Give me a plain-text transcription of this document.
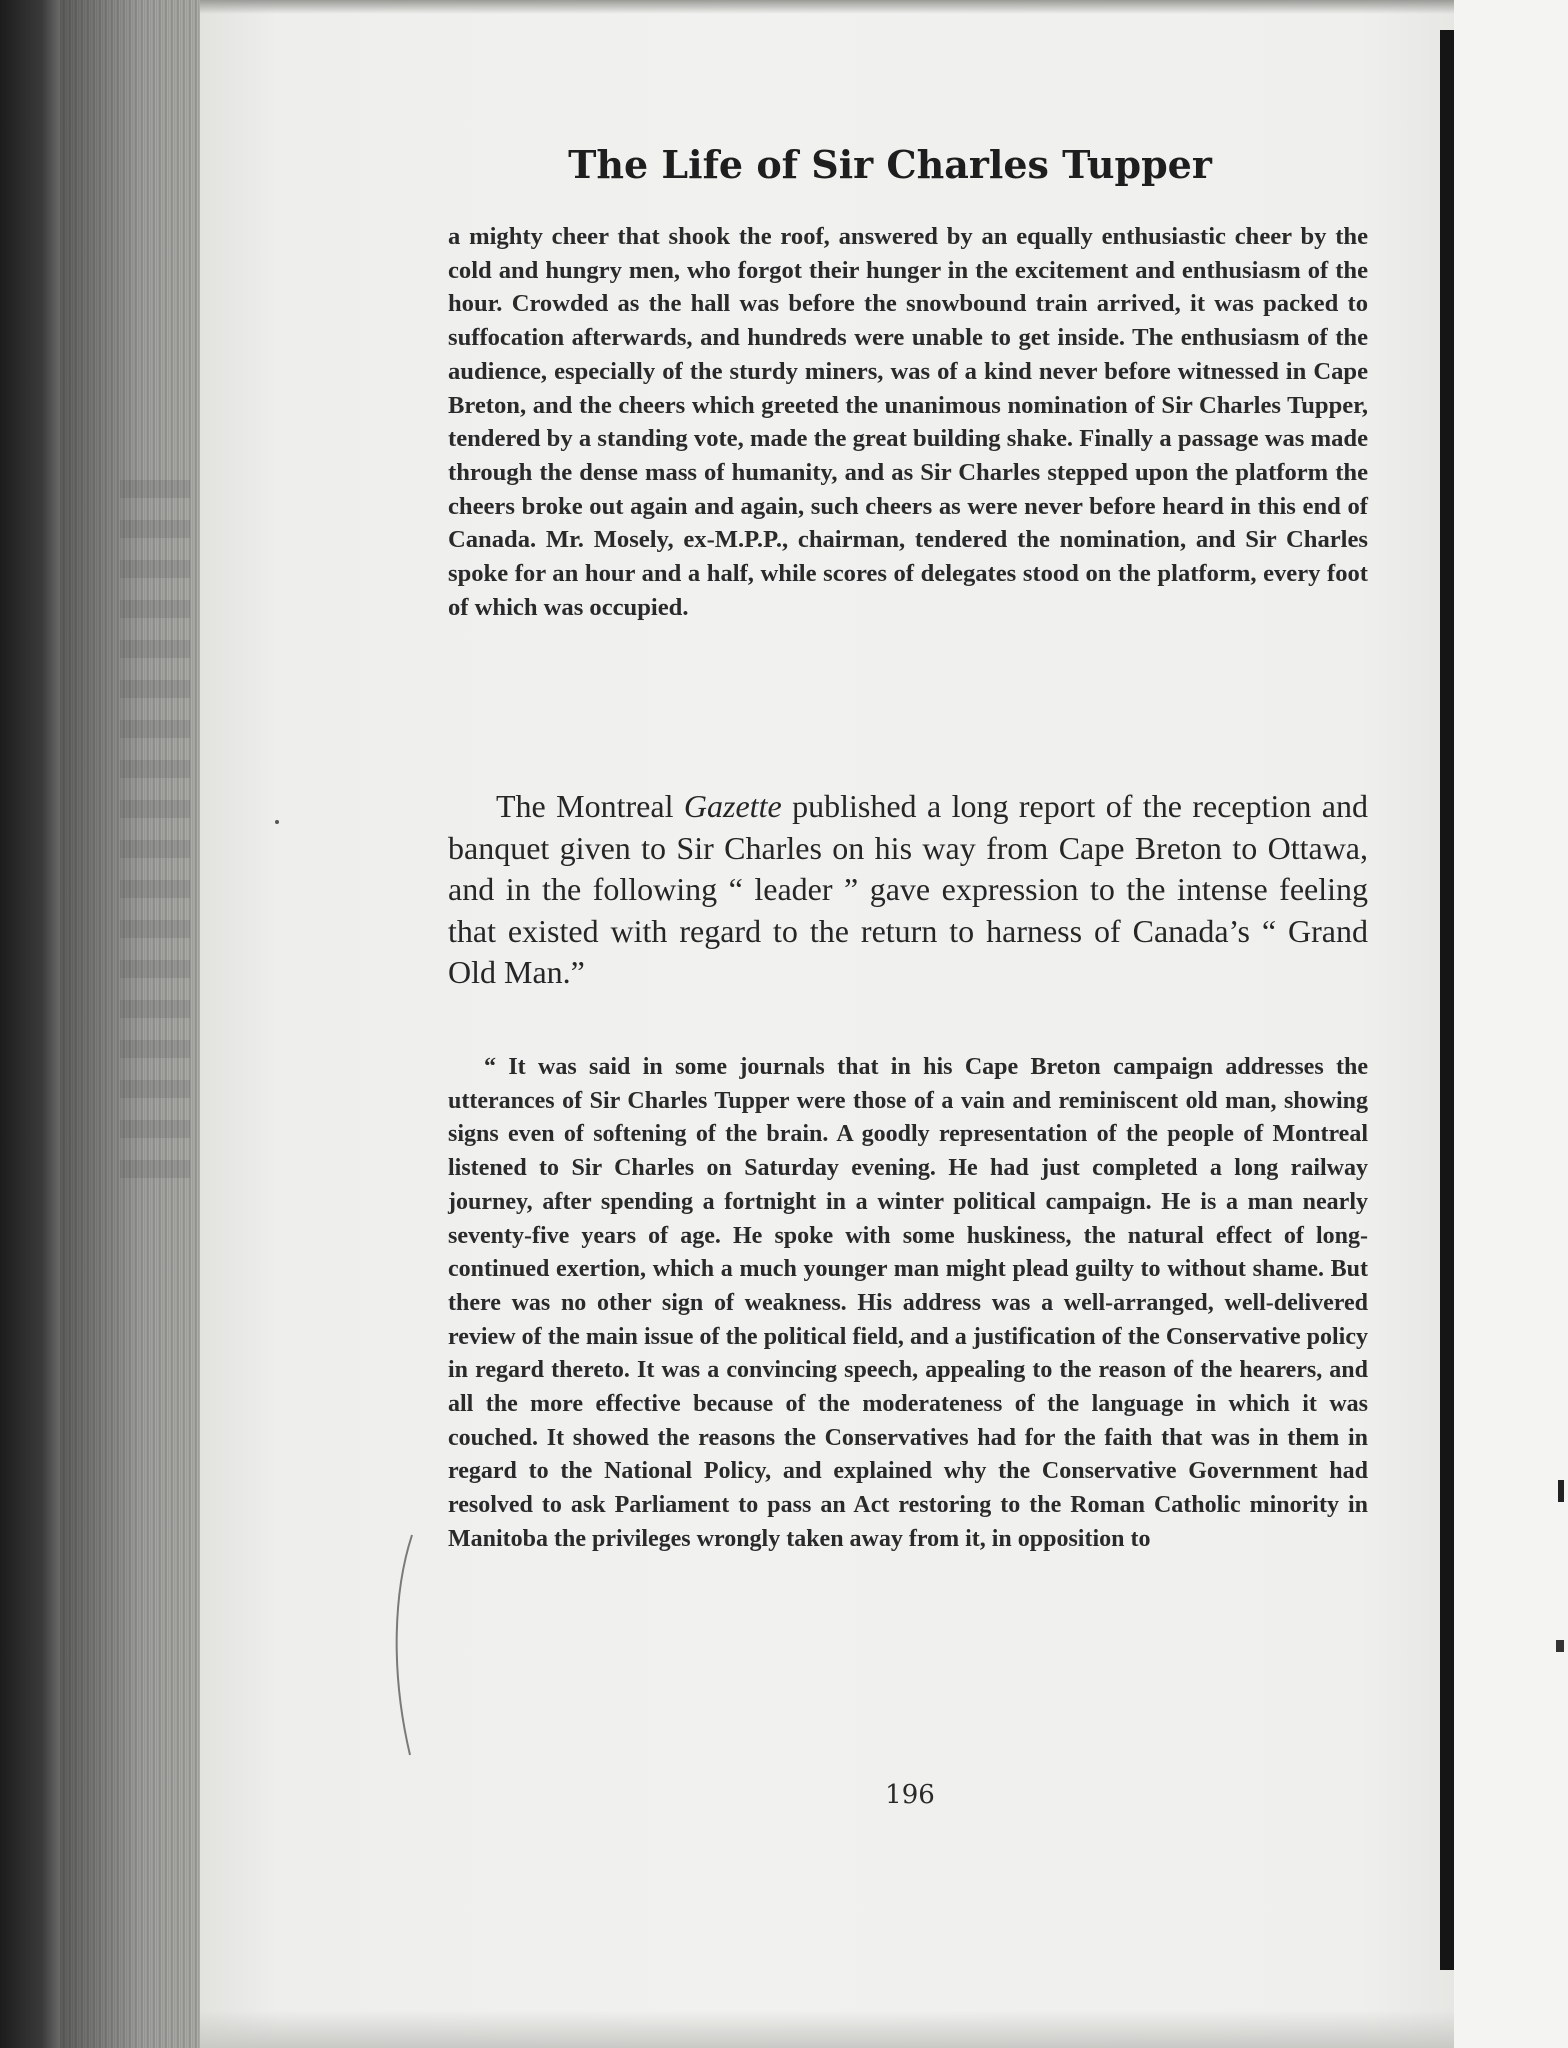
The Life of Sir Charles Tupper

a mighty cheer that shook the roof, answered by an equally enthusiastic cheer by the cold and hungry men, who forgot their hunger in the excitement and enthusiasm of the hour. Crowded as the hall was before the snowbound train arrived, it was packed to suffocation afterwards, and hundreds were unable to get inside. The enthusiasm of the audience, especially of the sturdy miners, was of a kind never before witnessed in Cape Breton, and the cheers which greeted the unanimous nomination of Sir Charles Tupper, tendered by a standing vote, made the great building shake. Finally a passage was made through the dense mass of humanity, and as Sir Charles stepped upon the platform the cheers broke out again and again, such cheers as were never before heard in this end of Canada. Mr. Mosely, ex-M.P.P., chairman, tendered the nomination, and Sir Charles spoke for an hour and a half, while scores of delegates stood on the platform, every foot of which was occupied.

The Montreal Gazette published a long report of the reception and banquet given to Sir Charles on his way from Cape Breton to Ottawa, and in the following “ leader ” gave expression to the intense feeling that existed with regard to the return to harness of Canada’s “ Grand Old Man.”

“ It was said in some journals that in his Cape Breton campaign addresses the utterances of Sir Charles Tupper were those of a vain and reminiscent old man, showing signs even of softening of the brain. A goodly representation of the people of Montreal listened to Sir Charles on Saturday evening. He had just completed a long railway journey, after spending a fortnight in a winter political campaign. He is a man nearly seventy-five years of age. He spoke with some huskiness, the natural effect of long-continued exertion, which a much younger man might plead guilty to without shame. But there was no other sign of weakness. His address was a well-arranged, well-delivered review of the main issue of the political field, and a justification of the Conservative policy in regard thereto. It was a convincing speech, appealing to the reason of the hearers, and all the more effective because of the moderateness of the language in which it was couched. It showed the reasons the Conservatives had for the faith that was in them in regard to the National Policy, and explained why the Conservative Government had resolved to ask Parliament to pass an Act restoring to the Roman Catholic minority in Manitoba the privileges wrongly taken away from it, in opposition to

196
